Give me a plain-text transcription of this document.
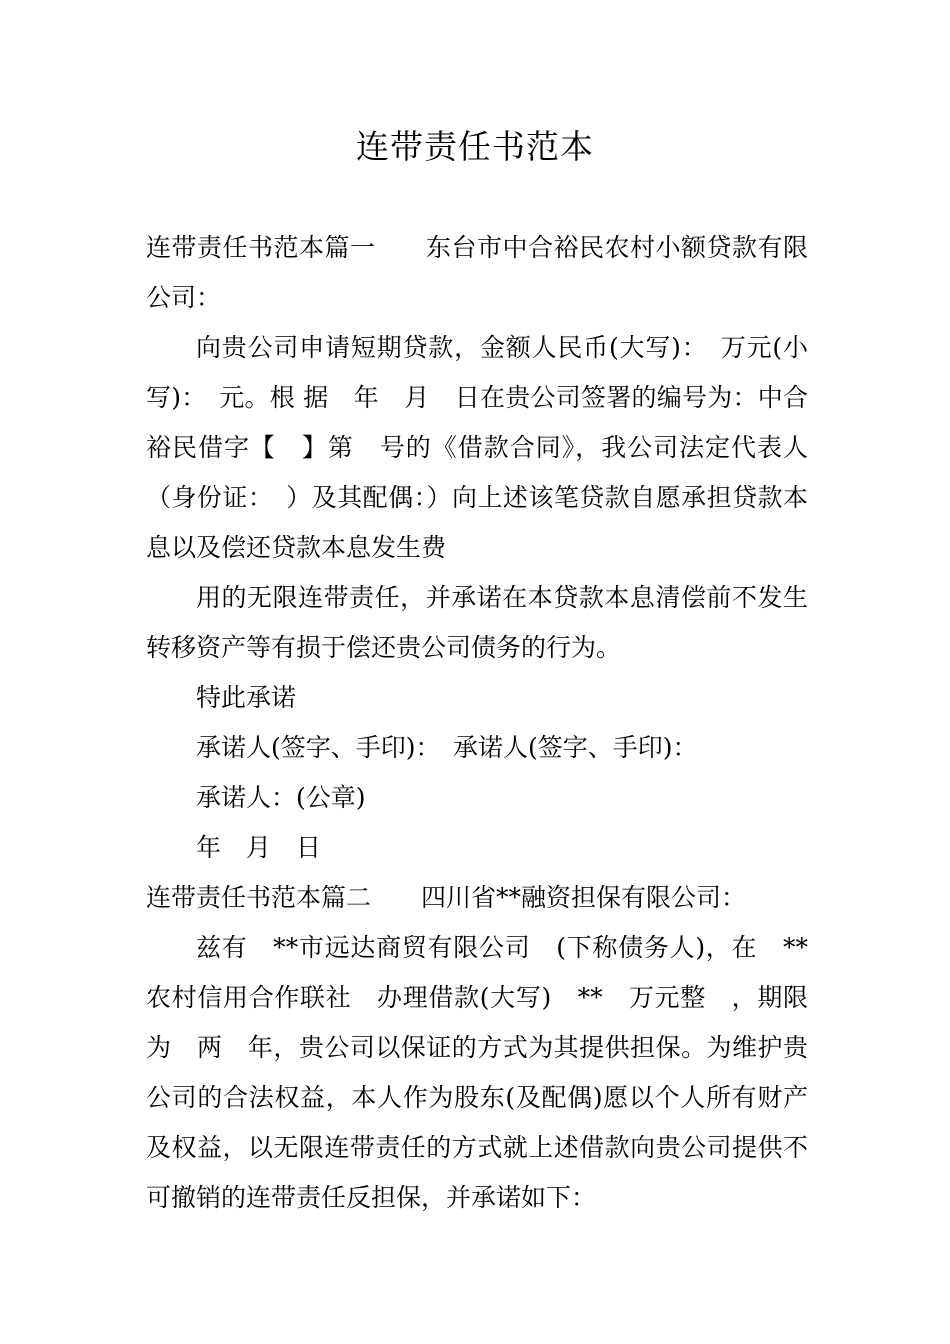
连带责任书范本

连带责任书范本篇一 东台市中合裕民农村小额贷款有限公司：

向贵公司申请短期贷款，金额人民币(大写)：　万元(小写)：　元。根 据　年　月　日在贵公司签署的编号为：中合裕民借字【　】第　号的《借款合同》，我公司法定代表人（身份证：　）及其配偶：）向上述该笔贷款自愿承担贷款本息以及偿还贷款本息发生费

用的无限连带责任，并承诺在本贷款本息清偿前不发生转移资产等有损于偿还贵公司债务的行为。

特此承诺

承诺人(签字、手印)：　承诺人(签字、手印)：

承诺人：(公章)

年　月　日

连带责任书范本篇二 四川省**融资担保有限公司：

兹有　**市远达商贸有限公司　(下称债务人)，在　**农村信用合作联社　办理借款(大写)　**　万元整　，期限为　两　年，贵公司以保证的方式为其提供担保。为维护贵公司的合法权益，本人作为股东(及配偶)愿以个人所有财产及权益，以无限连带责任的方式就上述借款向贵公司提供不可撤销的连带责任反担保，并承诺如下：
